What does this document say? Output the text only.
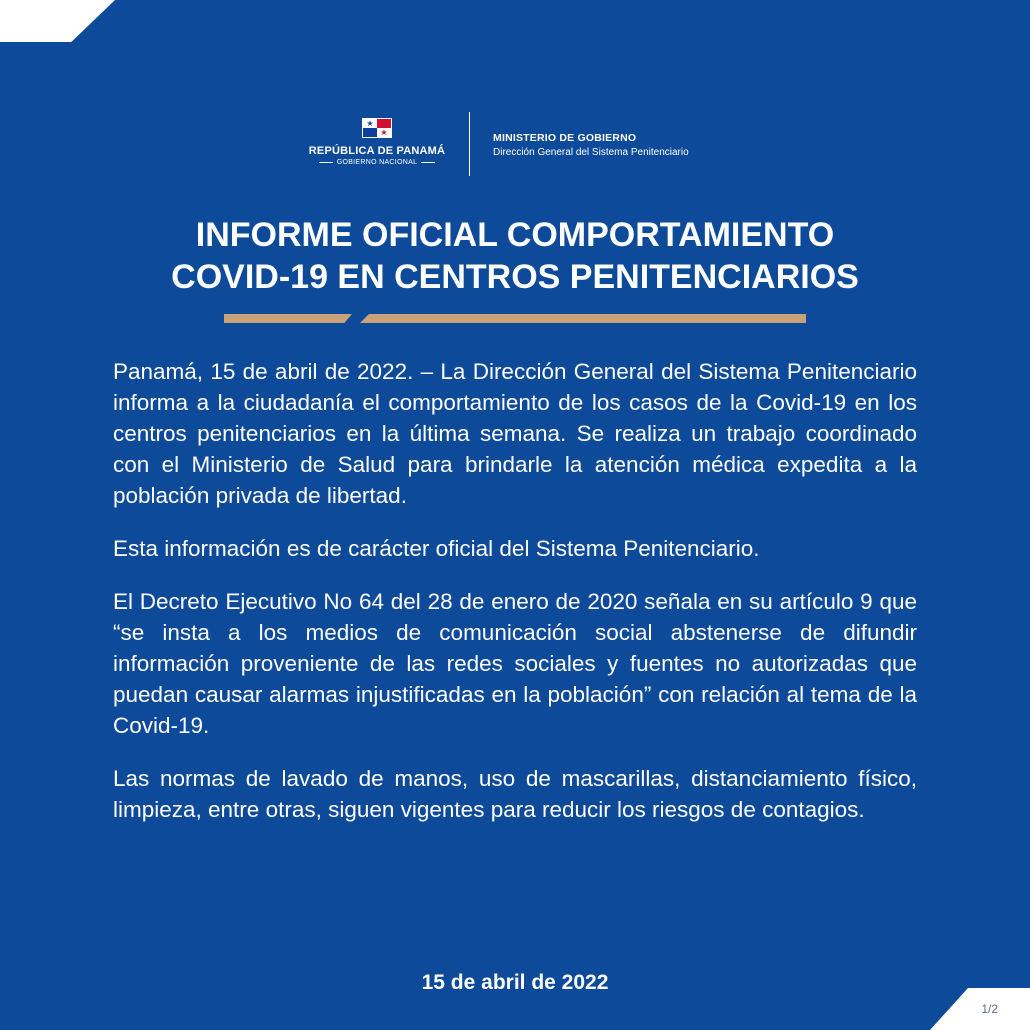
★
★
REPÚBLICA DE PANAMÁ
GOBIERNO NACIONAL
MINISTERIO DE GOBIERNO
Dirección General del Sistema Penitenciario
INFORME OFICIAL COMPORTAMIENTO
COVID-19 EN CENTROS PENITENCIARIOS

Panamá, 15 de abril de 2022. – La Dirección General del Sistema Penitenciario informa a la ciudadanía el comportamiento de los casos de la Covid-19 en los centros penitenciarios en la última semana. Se realiza un trabajo coordinado con el Ministerio de Salud para brindarle la atención médica expedita a la población privada de libertad.

Esta información es de carácter oficial del Sistema Penitenciario.

El Decreto Ejecutivo No 64 del 28 de enero de 2020 señala en su artículo 9 que “se insta a los medios de comunicación social abstenerse de difundir información proveniente de las redes sociales y fuentes no autorizadas que puedan causar alarmas injustificadas en la población” con relación al tema de la Covid-19.

Las normas de lavado de manos, uso de mascarillas, distanciamiento físico, limpieza, entre otras, siguen vigentes para reducir los riesgos de contagios.

15 de abril de 2022
1/2
